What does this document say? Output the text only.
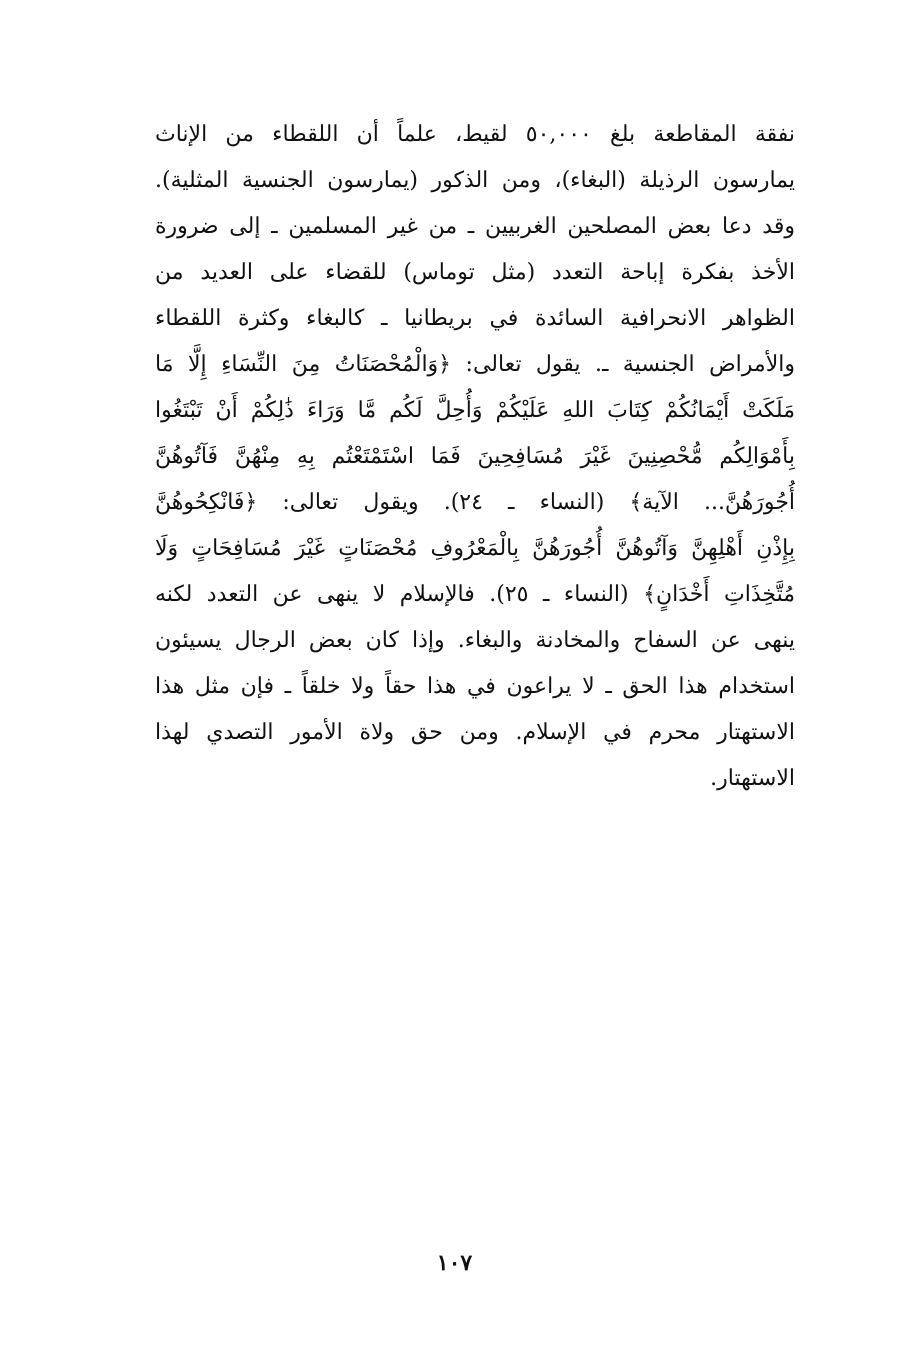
نفقة المقاطعة بلغ ٥٠,٠٠٠ لقيط، علماً أن اللقطاء من الإناث
يمارسون الرذيلة (البغاء)، ومن الذكور (يمارسون الجنسية المثلية).
وقد دعا بعض المصلحين الغربيين ـ من غير المسلمين ـ إلى ضرورة
الأخذ بفكرة إباحة التعدد (مثل توماس) للقضاء على العديد من
الظواهر الانحرافية السائدة في بريطانيا ـ كالبغاء وكثرة اللقطاء
والأمراض الجنسية ـ. يقول تعالى: ﴿وَالْمُحْصَنَاتُ مِنَ النِّسَاءِ إِلَّا مَا
مَلَكَتْ أَيْمَانُكُمْ كِتَابَ اللهِ عَلَيْكُمْ وَأُحِلَّ لَكُم مَّا وَرَاءَ ذَٰلِكُمْ أَنْ تَبْتَغُوا
بِأَمْوَالِكُم مُّحْصِنِينَ غَيْرَ مُسَافِحِينَ فَمَا اسْتَمْتَعْتُم بِهِ مِنْهُنَّ فَآتُوهُنَّ
أُجُورَهُنَّ... الآية﴾ (النساء ـ ٢٤). ويقول تعالى: ﴿فَانْكِحُوهُنَّ
بِإِذْنِ أَهْلِهِنَّ وَآتُوهُنَّ أُجُورَهُنَّ بِالْمَعْرُوفِ مُحْصَنَاتٍ غَيْرَ مُسَافِحَاتٍ وَلَا
مُتَّخِذَاتِ أَخْدَانٍ﴾ (النساء ـ ٢٥). فالإسلام لا ينهى عن التعدد لكنه
ينهى عن السفاح والمخادنة والبغاء. وإذا كان بعض الرجال يسيئون
استخدام هذا الحق ـ لا يراعون في هذا حقاً ولا خلقاً ـ فإن مثل هذا
الاستهتار محرم في الإسلام. ومن حق ولاة الأمور التصدي لهذا
الاستهتار.
١٠٧
